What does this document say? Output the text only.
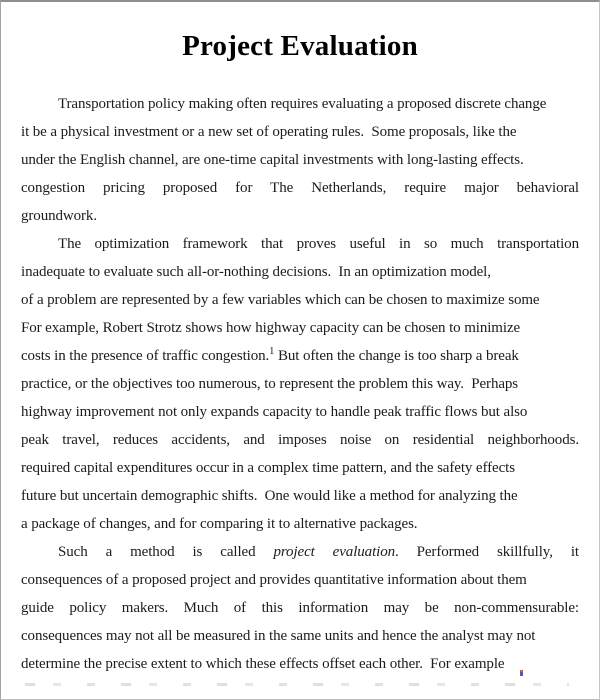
Project Evaluation
Transportation policy making often requires evaluating a proposed discrete change
it be a physical investment or a new set of operating rules.  Some proposals, like the
under the English channel, are one-time capital investments with long-lasting effects.
congestion pricing proposed for The Netherlands, require major behavioral
groundwork.
The optimization framework that proves useful in so much transportation
inadequate to evaluate such all-or-nothing decisions.  In an optimization model,
of a problem are represented by a few variables which can be chosen to maximize some
For example, Robert Strotz shows how highway capacity can be chosen to minimize
costs in the presence of traffic congestion.$^1$ But often the change is too sharp a break
practice, or the objectives too numerous, to represent the problem this way.  Perhaps
highway improvement not only expands capacity to handle peak traffic flows but also
peak travel, reduces accidents, and imposes noise on residential neighborhoods.
required capital expenditures occur in a complex time pattern, and the safety effects
future but uncertain demographic shifts.  One would like a method for analyzing the
a package of changes, and for comparing it to alternative packages.
Such a method is called project evaluation. Performed skillfully, it
consequences of a proposed project and provides quantitative information about them
guide policy makers. Much of this information may be non-commensurable:
consequences may not all be measured in the same units and hence the analyst may not
determine the precise extent to which these effects offset each other.  For example
